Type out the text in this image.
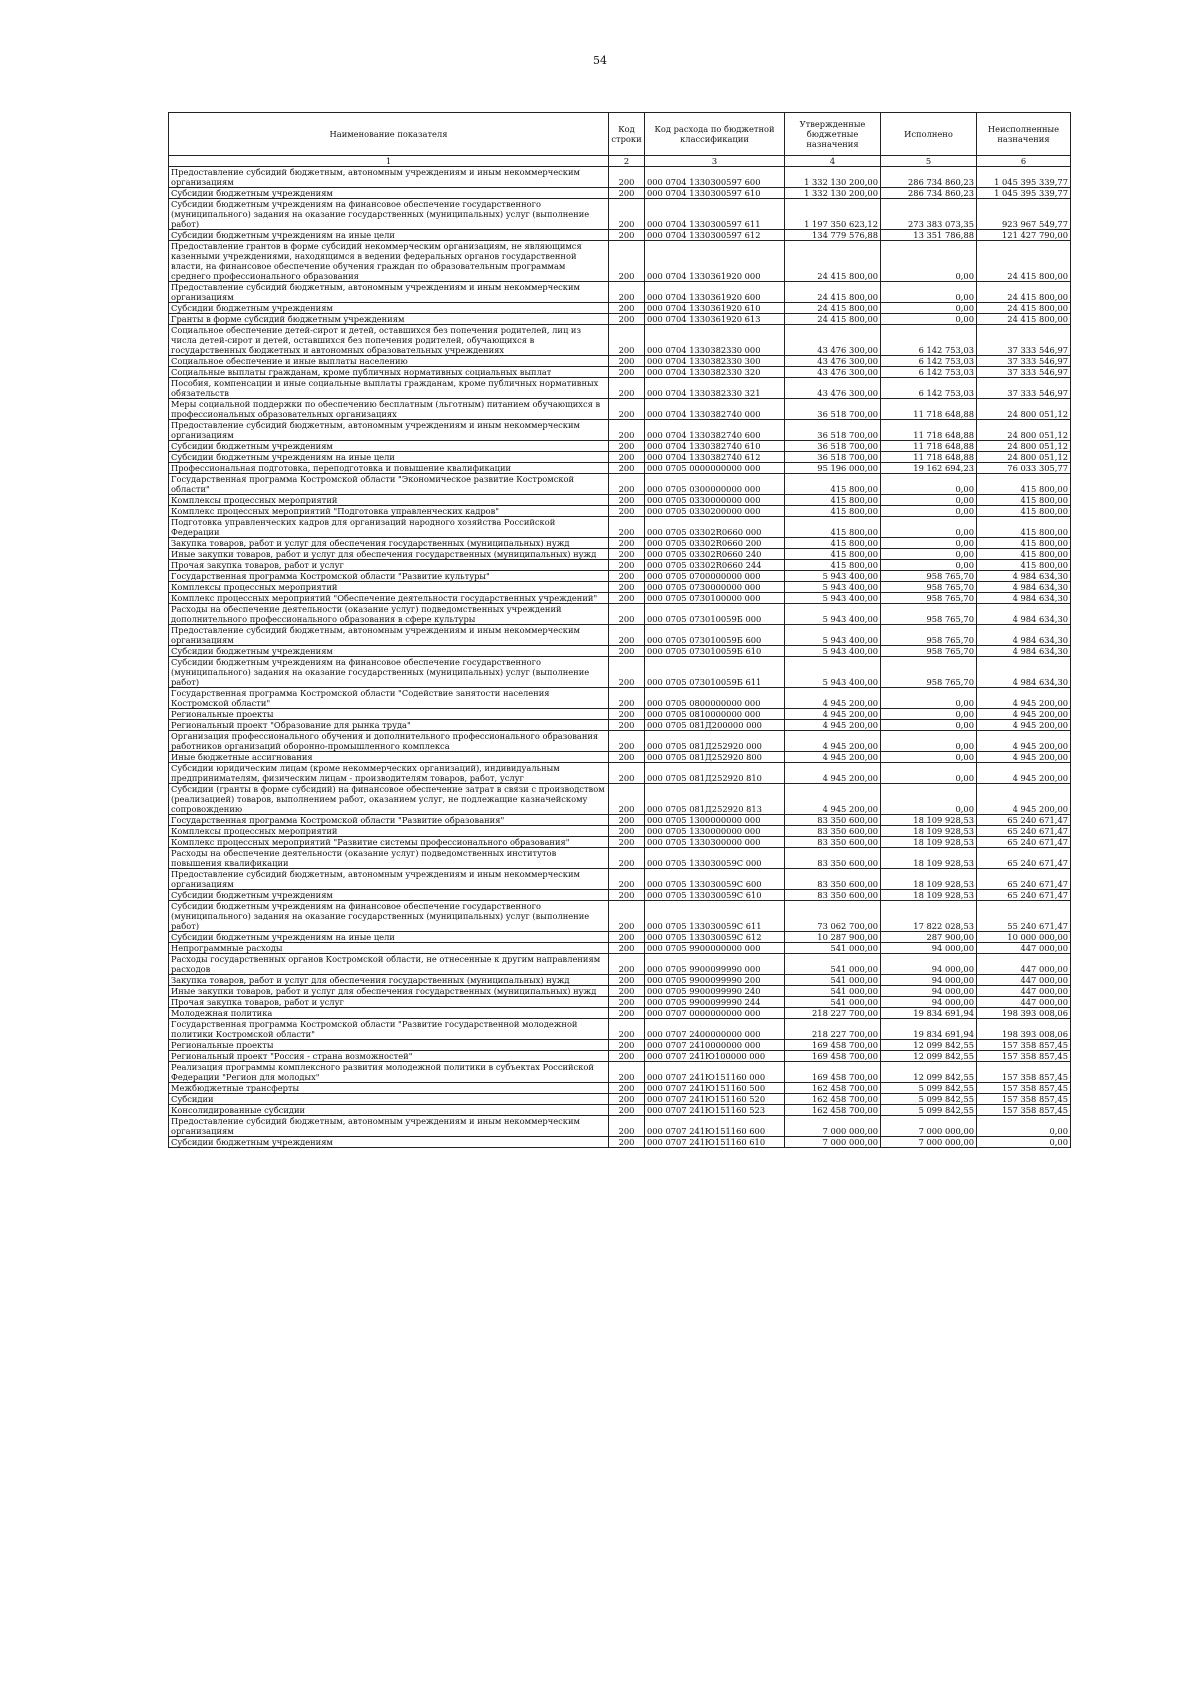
54
Наименование показателя	Код строки	Код расхода по бюджетной классификации	Утвержденные бюджетные назначения	Исполнено	Неисполненные назначения
1	2	3	4	5	6
Предоставление субсидий бюджетным, автономным учреждениям и иным некоммерческим организациям	200	000 0704 1330300597 600	1 332 130 200,00	286 734 860,23	1 045 395 339,77
Субсидии бюджетным учреждениям	200	000 0704 1330300597 610	1 332 130 200,00	286 734 860,23	1 045 395 339,77
Субсидии бюджетным учреждениям на финансовое обеспечение государственного (муниципального) задания на оказание государственных (муниципальных) услуг (выполнение работ)	200	000 0704 1330300597 611	1 197 350 623,12	273 383 073,35	923 967 549,77
Субсидии бюджетным учреждениям на иные цели	200	000 0704 1330300597 612	134 779 576,88	13 351 786,88	121 427 790,00
Предоставление грантов в форме субсидий некоммерческим организациям, не являющимся казенными учреждениями, находящимся в ведении федеральных органов государственной власти, на финансовое обеспечение обучения граждан по образовательным программам среднего профессионального образования	200	000 0704 1330361920 000	24 415 800,00	0,00	24 415 800,00
Предоставление субсидий бюджетным, автономным учреждениям и иным некоммерческим организациям	200	000 0704 1330361920 600	24 415 800,00	0,00	24 415 800,00
Субсидии бюджетным учреждениям	200	000 0704 1330361920 610	24 415 800,00	0,00	24 415 800,00
Гранты в форме субсидий бюджетным учреждениям	200	000 0704 1330361920 613	24 415 800,00	0,00	24 415 800,00
Социальное обеспечение детей-сирот и детей, оставшихся без попечения родителей, лиц из числа детей-сирот и детей, оставшихся без попечения родителей, обучающихся в государственных бюджетных и автономных образовательных учреждениях	200	000 0704 1330382330 000	43 476 300,00	6 142 753,03	37 333 546,97
Социальное обеспечение и иные выплаты населению	200	000 0704 1330382330 300	43 476 300,00	6 142 753,03	37 333 546,97
Социальные выплаты гражданам, кроме публичных нормативных социальных выплат	200	000 0704 1330382330 320	43 476 300,00	6 142 753,03	37 333 546,97
Пособия, компенсации и иные социальные выплаты гражданам, кроме публичных нормативных обязательств	200	000 0704 1330382330 321	43 476 300,00	6 142 753,03	37 333 546,97
Меры социальной поддержки по обеспечению бесплатным (льготным) питанием обучающихся в профессиональных образовательных организациях	200	000 0704 1330382740 000	36 518 700,00	11 718 648,88	24 800 051,12
Предоставление субсидий бюджетным, автономным учреждениям и иным некоммерческим организациям	200	000 0704 1330382740 600	36 518 700,00	11 718 648,88	24 800 051,12
Субсидии бюджетным учреждениям	200	000 0704 1330382740 610	36 518 700,00	11 718 648,88	24 800 051,12
Субсидии бюджетным учреждениям на иные цели	200	000 0704 1330382740 612	36 518 700,00	11 718 648,88	24 800 051,12
Профессиональная подготовка, переподготовка и повышение квалификации	200	000 0705 0000000000 000	95 196 000,00	19 162 694,23	76 033 305,77
Государственная программа Костромской области "Экономическое развитие Костромской области"	200	000 0705 0300000000 000	415 800,00	0,00	415 800,00
Комплексы процессных мероприятий	200	000 0705 0330000000 000	415 800,00	0,00	415 800,00
Комплекс процессных мероприятий "Подготовка управленческих кадров"	200	000 0705 0330200000 000	415 800,00	0,00	415 800,00
Подготовка управленческих кадров для организаций народного хозяйства Российской Федерации	200	000 0705 03302R0660 000	415 800,00	0,00	415 800,00
Закупка товаров, работ и услуг для обеспечения государственных (муниципальных) нужд	200	000 0705 03302R0660 200	415 800,00	0,00	415 800,00
Иные закупки товаров, работ и услуг для обеспечения государственных (муниципальных) нужд	200	000 0705 03302R0660 240	415 800,00	0,00	415 800,00
Прочая закупка товаров, работ и услуг	200	000 0705 03302R0660 244	415 800,00	0,00	415 800,00
Государственная программа Костромской области "Развитие культуры"	200	000 0705 0700000000 000	5 943 400,00	958 765,70	4 984 634,30
Комплексы процессных мероприятий	200	000 0705 0730000000 000	5 943 400,00	958 765,70	4 984 634,30
Комплекс процессных мероприятий "Обеспечение деятельности государственных учреждений"	200	000 0705 0730100000 000	5 943 400,00	958 765,70	4 984 634,30
Расходы на обеспечение деятельности (оказание услуг) подведомственных учреждений дополнительного профессионального образования в сфере культуры	200	000 0705 073010059Б 000	5 943 400,00	958 765,70	4 984 634,30
Предоставление субсидий бюджетным, автономным учреждениям и иным некоммерческим организациям	200	000 0705 073010059Б 600	5 943 400,00	958 765,70	4 984 634,30
Субсидии бюджетным учреждениям	200	000 0705 073010059Б 610	5 943 400,00	958 765,70	4 984 634,30
Субсидии бюджетным учреждениям на финансовое обеспечение государственного (муниципального) задания на оказание государственных (муниципальных) услуг (выполнение работ)	200	000 0705 073010059Б 611	5 943 400,00	958 765,70	4 984 634,30
Государственная программа Костромской области "Содействие занятости населения Костромской области"	200	000 0705 0800000000 000	4 945 200,00	0,00	4 945 200,00
Региональные проекты	200	000 0705 0810000000 000	4 945 200,00	0,00	4 945 200,00
Региональный проект "Образование для рынка труда"	200	000 0705 081Д200000 000	4 945 200,00	0,00	4 945 200,00
Организация профессионального обучения и дополнительного профессионального образования работников организаций оборонно-промышленного комплекса	200	000 0705 081Д252920 000	4 945 200,00	0,00	4 945 200,00
Иные бюджетные ассигнования	200	000 0705 081Д252920 800	4 945 200,00	0,00	4 945 200,00
Субсидии юридическим лицам (кроме некоммерческих организаций), индивидуальным предпринимателям, физическим лицам - производителям товаров, работ, услуг	200	000 0705 081Д252920 810	4 945 200,00	0,00	4 945 200,00
Субсидии (гранты в форме субсидий) на финансовое обеспечение затрат в связи с производством (реализацией) товаров, выполнением работ, оказанием услуг, не подлежащие казначейскому сопровождению	200	000 0705 081Д252920 813	4 945 200,00	0,00	4 945 200,00
Государственная программа Костромской области "Развитие образования"	200	000 0705 1300000000 000	83 350 600,00	18 109 928,53	65 240 671,47
Комплексы процессных мероприятий	200	000 0705 1330000000 000	83 350 600,00	18 109 928,53	65 240 671,47
Комплекс процессных мероприятий "Развитие системы профессионального образования"	200	000 0705 1330300000 000	83 350 600,00	18 109 928,53	65 240 671,47
Расходы на обеспечение деятельности (оказание услуг) подведомственных институтов повышения квалификации	200	000 0705 133030059С 000	83 350 600,00	18 109 928,53	65 240 671,47
Предоставление субсидий бюджетным, автономным учреждениям и иным некоммерческим организациям	200	000 0705 133030059С 600	83 350 600,00	18 109 928,53	65 240 671,47
Субсидии бюджетным учреждениям	200	000 0705 133030059С 610	83 350 600,00	18 109 928,53	65 240 671,47
Субсидии бюджетным учреждениям на финансовое обеспечение государственного (муниципального) задания на оказание государственных (муниципальных) услуг (выполнение работ)	200	000 0705 133030059С 611	73 062 700,00	17 822 028,53	55 240 671,47
Субсидии бюджетным учреждениям на иные цели	200	000 0705 133030059С 612	10 287 900,00	287 900,00	10 000 000,00
Непрограммные расходы	200	000 0705 9900000000 000	541 000,00	94 000,00	447 000,00
Расходы государственных органов Костромской области, не отнесенные к другим направлениям расходов	200	000 0705 9900099990 000	541 000,00	94 000,00	447 000,00
Закупка товаров, работ и услуг для обеспечения государственных (муниципальных) нужд	200	000 0705 9900099990 200	541 000,00	94 000,00	447 000,00
Иные закупки товаров, работ и услуг для обеспечения государственных (муниципальных) нужд	200	000 0705 9900099990 240	541 000,00	94 000,00	447 000,00
Прочая закупка товаров, работ и услуг	200	000 0705 9900099990 244	541 000,00	94 000,00	447 000,00
Молодежная политика	200	000 0707 0000000000 000	218 227 700,00	19 834 691,94	198 393 008,06
Государственная программа Костромской области "Развитие государственной молодежной политики Костромской области"	200	000 0707 2400000000 000	218 227 700,00	19 834 691,94	198 393 008,06
Региональные проекты	200	000 0707 2410000000 000	169 458 700,00	12 099 842,55	157 358 857,45
Региональный проект "Россия - страна возможностей"	200	000 0707 241Ю100000 000	169 458 700,00	12 099 842,55	157 358 857,45
Реализация программы комплексного развития молодежной политики в субъектах Российской Федерации "Регион для молодых"	200	000 0707 241Ю151160 000	169 458 700,00	12 099 842,55	157 358 857,45
Межбюджетные трансферты	200	000 0707 241Ю151160 500	162 458 700,00	5 099 842,55	157 358 857,45
Субсидии	200	000 0707 241Ю151160 520	162 458 700,00	5 099 842,55	157 358 857,45
Консолидированные субсидии	200	000 0707 241Ю151160 523	162 458 700,00	5 099 842,55	157 358 857,45
Предоставление субсидий бюджетным, автономным учреждениям и иным некоммерческим организациям	200	000 0707 241Ю151160 600	7 000 000,00	7 000 000,00	0,00
Субсидии бюджетным учреждениям	200	000 0707 241Ю151160 610	7 000 000,00	7 000 000,00	0,00
